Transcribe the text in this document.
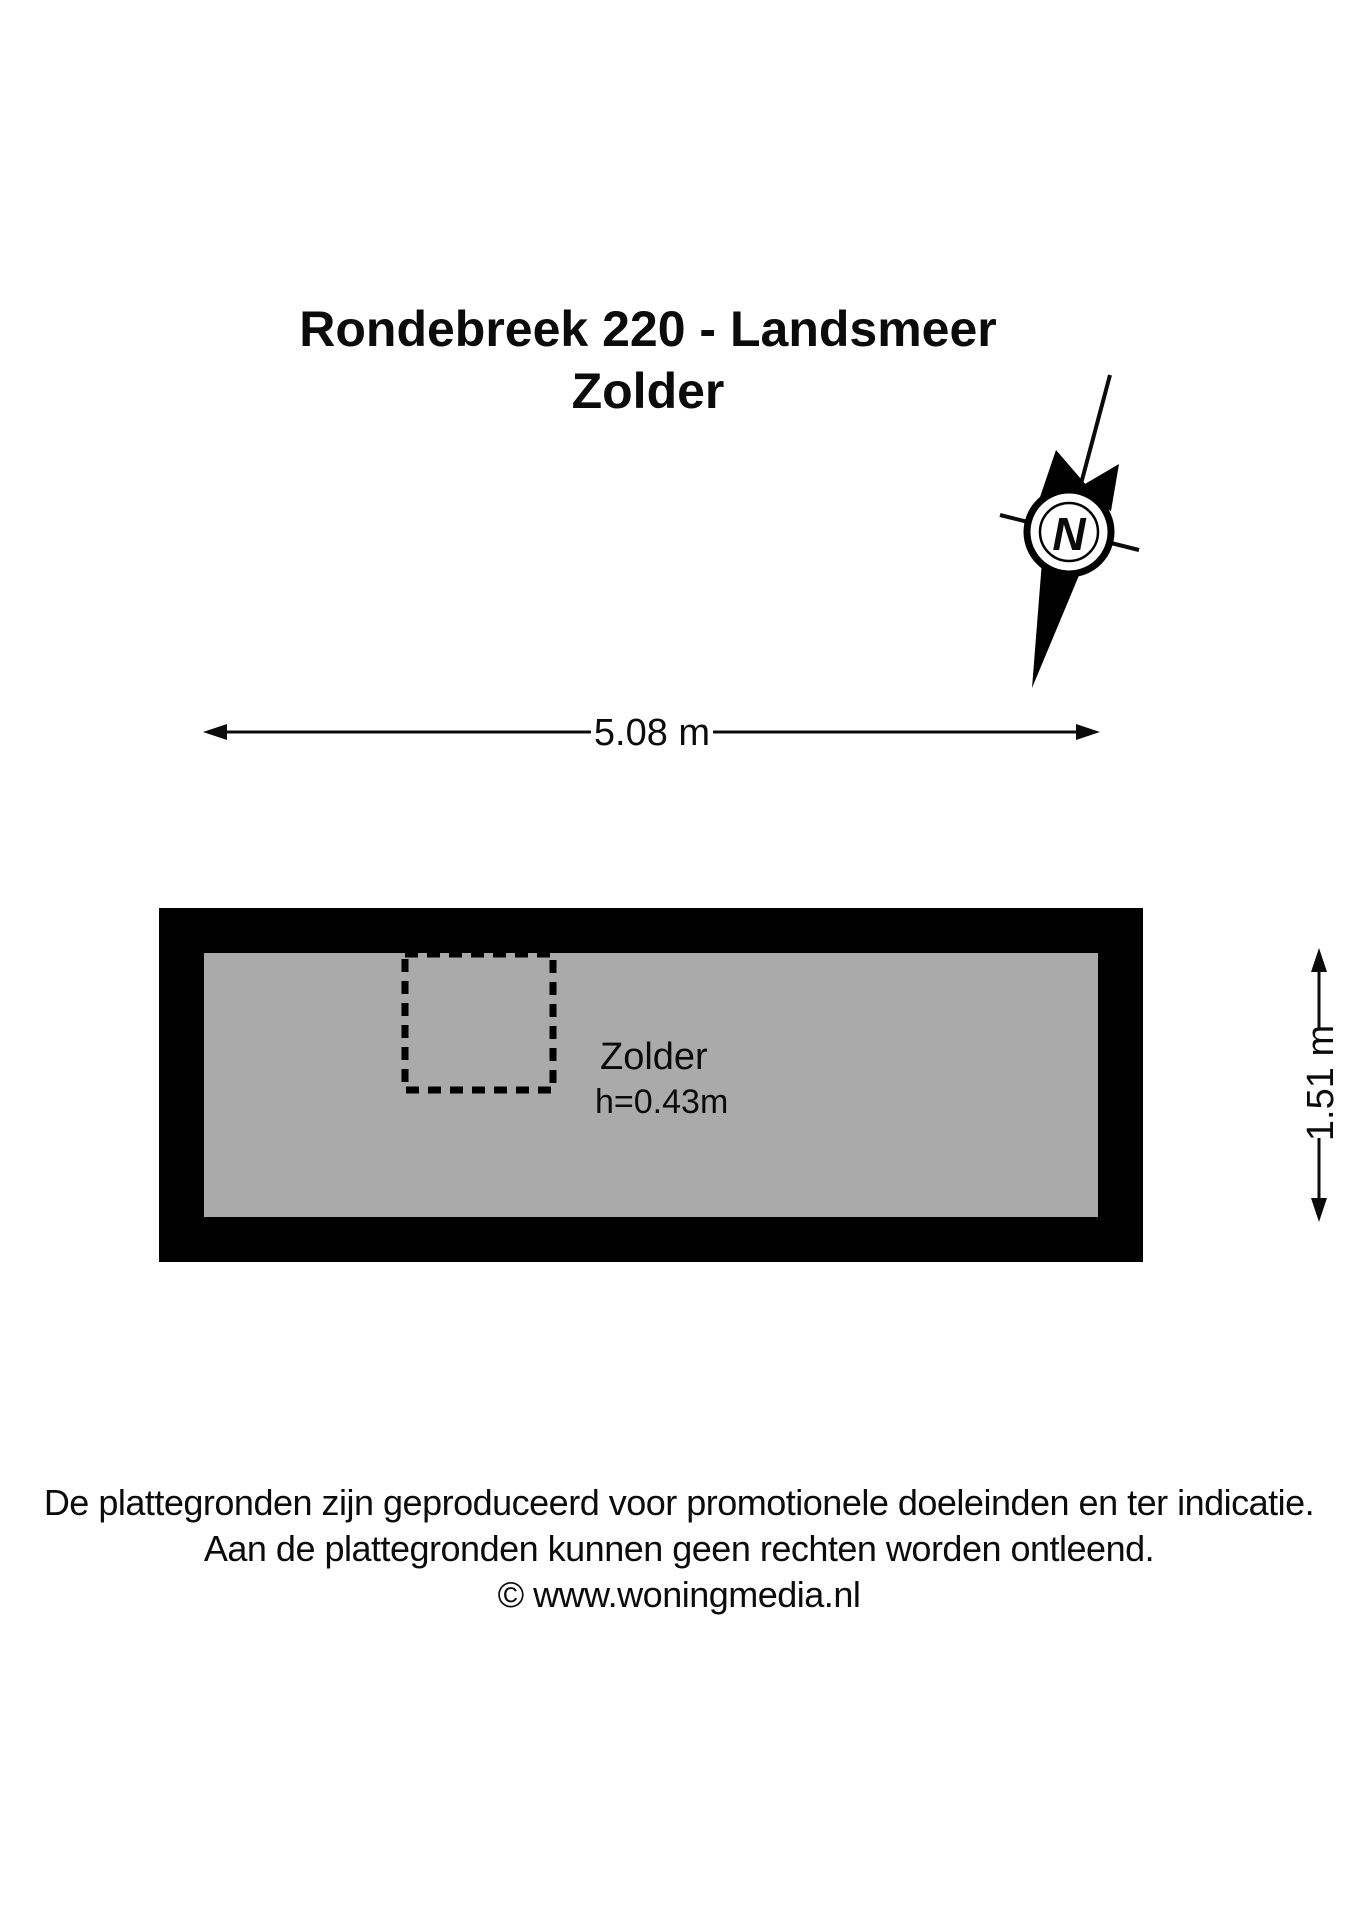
Rondebreek 220 - Landsmeer
Zolder
N
5.08 m
Zolder
h=0.43m	1.51 m
De plattegronden zijn geproduceerd voor promotionele doeleinden en ter indicatie.
Aan de plattegronden kunnen geen rechten worden ontleend.
© www.woningmedia.nl
